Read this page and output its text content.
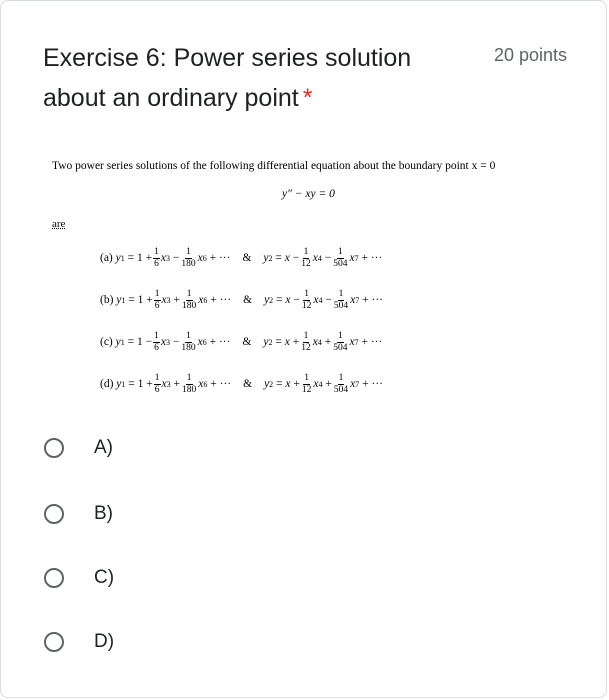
Exercise 6: Power series solution about an ordinary point *
20 points
Two power series solutions of the following differential equation about the boundary point x = 0
y″ − xy = 0
are
(a)
y $1 = 1 + \frac{1}{6}$ x 3
− $\frac{1}{180}$ x 6 + ··· & y 2 = x
− $\frac{1}{12}$ x 4
− $\frac{1}{504}$ x 7 + ···
(b)
y $1 = 1 + \frac{1}{6}$ x 3
+ $\frac{1}{180}$ x 6 + ··· & y 2 = x
− $\frac{1}{12}$ x 4
− $\frac{1}{504}$ x 7 + ···
(c)
y $1 = 1 - \frac{1}{6}$ x 3
− $\frac{1}{180}$ x 6 + ··· & y 2 = x
+ $\frac{1}{12}$ x 4
+ $\frac{1}{504}$ x 7 + ···
(d)
y $1 = 1 + \frac{1}{6}$ x 3
+ $\frac{1}{180}$ x 6 + ··· & y 2 = x
+ $\frac{1}{12}$ x 4
+ $\frac{1}{504}$ x 7 + ···
A)
B)
C)
D)
